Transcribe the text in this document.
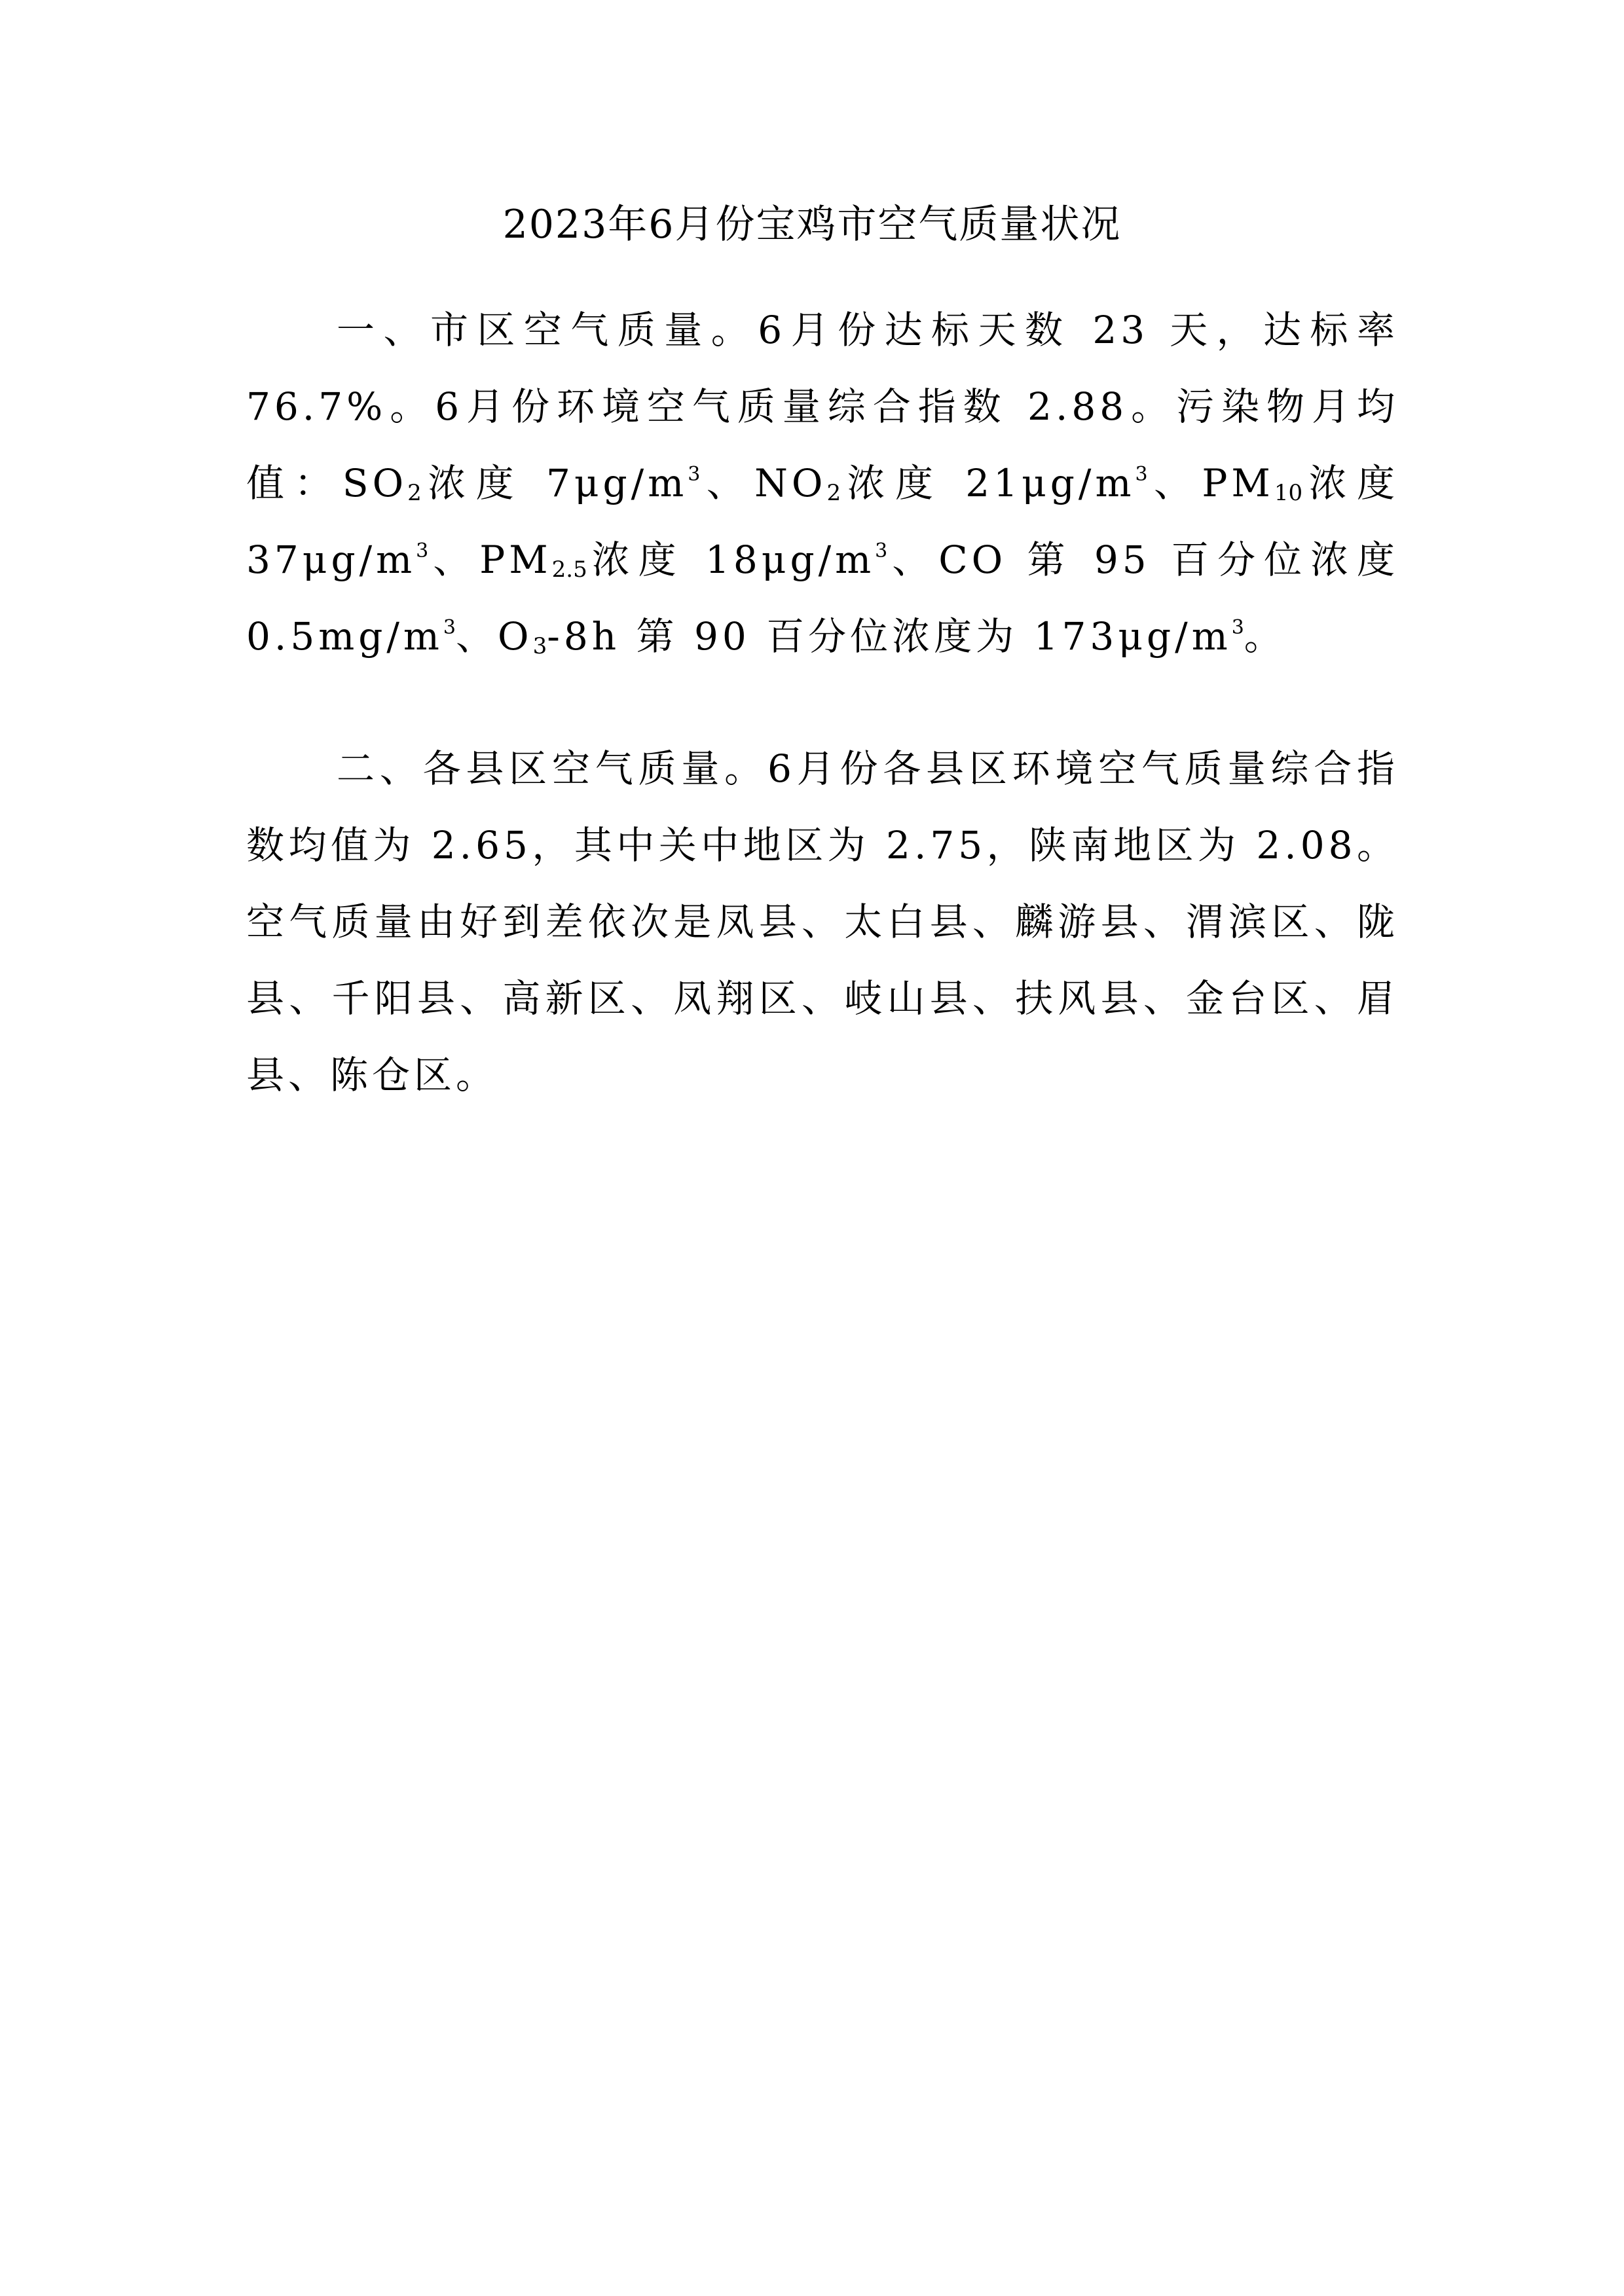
2023年6月份宝鸡市空气质量状况
一、市区空气质量。6月份达标天数 23 天，达标率 76.7%。6月份环境空气质量综合指数 2.88。污染物月均值：$SO_2$浓度 $7\mu g/m^3$、$NO_2$浓度 $21\mu g/m^3$、$PM_{10}$浓度 $37\mu g/m^3$、$PM_{2.5}$浓度 $18\mu g/m^3$、CO 第 95 百分位浓度 $0.5mg/m^3$、$O_3-8h$ 第 90 百分位浓度为 $173\mu g/m^3$。
二、各县区空气质量。6月份各县区环境空气质量综合指数均值为 2.65，其中关中地区为 2.75，陕南地区为 2.08。空气质量由好到差依次是凤县、太白县、麟游县、渭滨区、陇县、千阳县、高新区、凤翔区、岐山县、扶风县、金台区、眉县、陈仓区。
